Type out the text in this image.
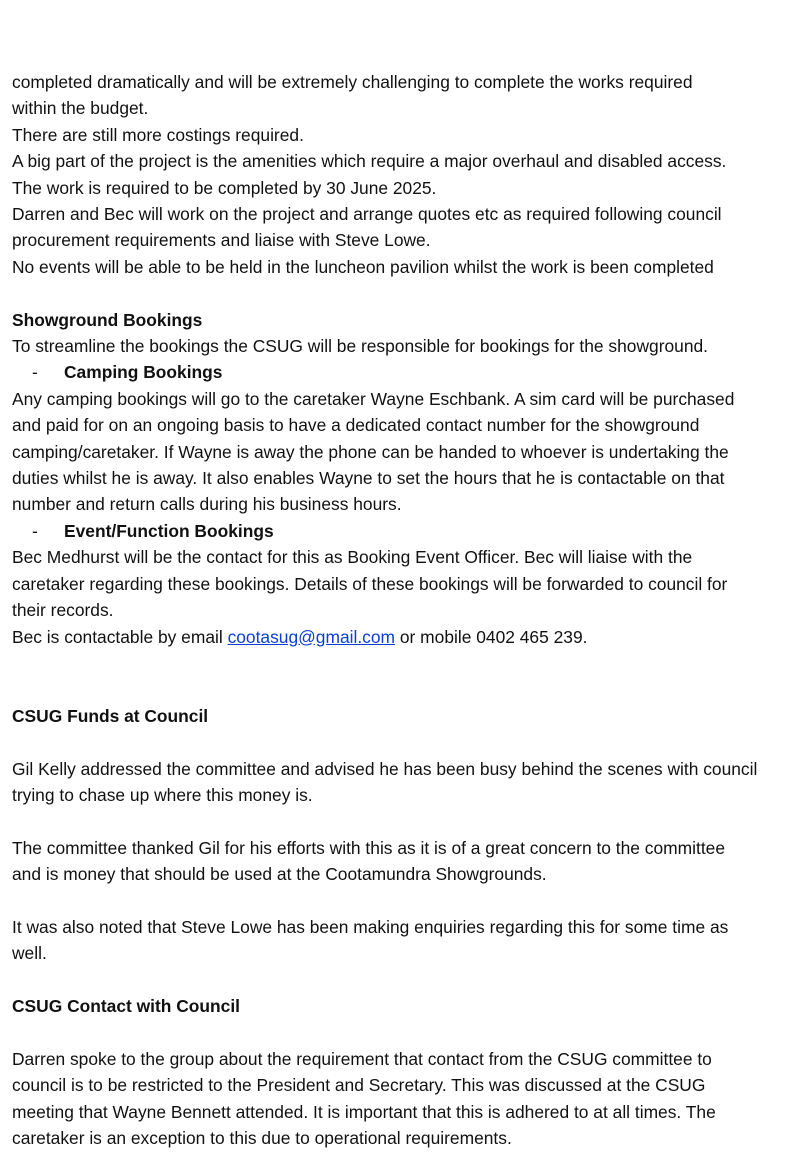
completed dramatically and will be extremely challenging to complete the works required

within the budget.

There are still more costings required.

A big part of the project is the amenities which require a major overhaul and disabled access.

The work is required to be completed by 30 June 2025.

Darren and Bec will work on the project and arrange quotes etc as required following council

procurement requirements and liaise with Steve Lowe.

No events will be able to be held in the luncheon pavilion whilst the work is been completed

Showground Bookings

To streamline the bookings the CSUG will be responsible for bookings for the showground.

- Camping Bookings

Any camping bookings will go to the caretaker Wayne Eschbank. A sim card will be purchased

and paid for on an ongoing basis to have a dedicated contact number for the showground

camping/caretaker. If Wayne is away the phone can be handed to whoever is undertaking the

duties whilst he is away. It also enables Wayne to set the hours that he is contactable on that

number and return calls during his business hours.

- Event/Function Bookings

Bec Medhurst will be the contact for this as Booking Event Officer. Bec will liaise with the

caretaker regarding these bookings. Details of these bookings will be forwarded to council for

their records.

Bec is contactable by email cootasug@gmail.com or mobile 0402 465 239.

CSUG Funds at Council

Gil Kelly addressed the committee and advised he has been busy behind the scenes with council

trying to chase up where this money is.

The committee thanked Gil for his efforts with this as it is of a great concern to the committee

and is money that should be used at the Cootamundra Showgrounds.

It was also noted that Steve Lowe has been making enquiries regarding this for some time as

well.

CSUG Contact with Council

Darren spoke to the group about the requirement that contact from the CSUG committee to

council is to be restricted to the President and Secretary. This was discussed at the CSUG

meeting that Wayne Bennett attended. It is important that this is adhered to at all times. The

caretaker is an exception to this due to operational requirements.
